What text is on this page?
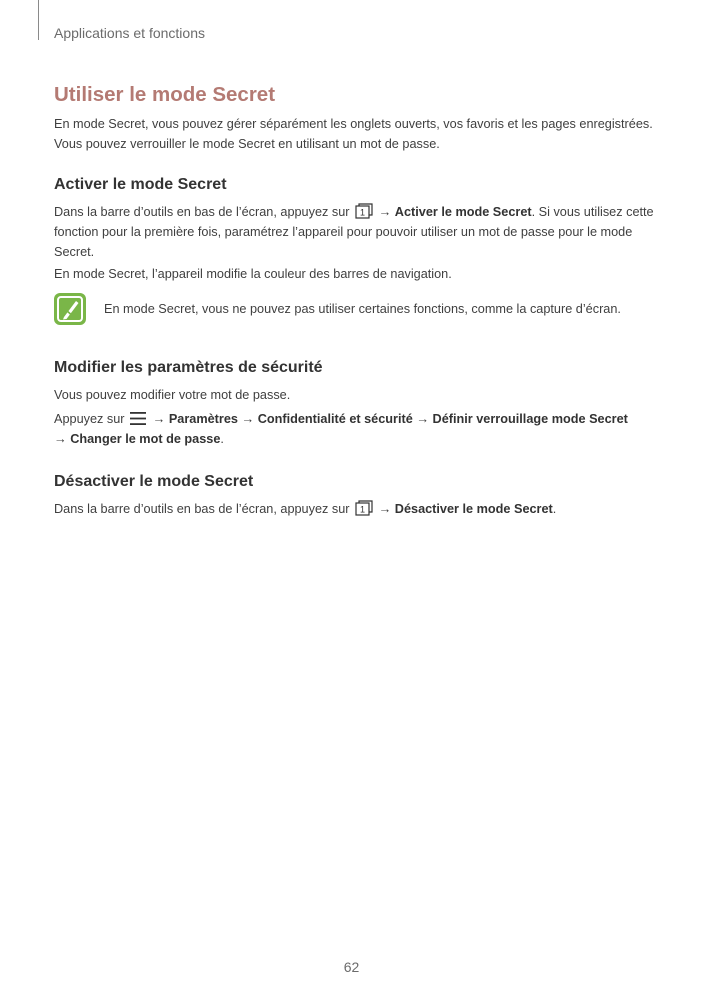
Applications et fonctions
Utiliser le mode Secret

En mode Secret, vous pouvez gérer séparément les onglets ouverts, vos favoris et les pages enregistrées. Vous pouvez verrouiller le mode Secret en utilisant un mot de passe.

Activer le mode Secret

Dans la barre d’outils en bas de l’écran, appuyez sur 1 → Activer le mode Secret. Si vous utilisez cette fonction pour la première fois, paramétrez l’appareil pour pouvoir utiliser un mot de passe pour le mode Secret.

En mode Secret, l’appareil modifie la couleur des barres de navigation.

En mode Secret, vous ne pouvez pas utiliser certaines fonctions, comme la capture d’écran.
Modifier les paramètres de sécurité

Vous pouvez modifier votre mot de passe.

Appuyez sur → Paramètres → Confidentialité et sécurité → Définir verrouillage mode Secret
→ Changer le mot de passe.

Désactiver le mode Secret

Dans la barre d’outils en bas de l’écran, appuyez sur 1 → Désactiver le mode Secret.

62
